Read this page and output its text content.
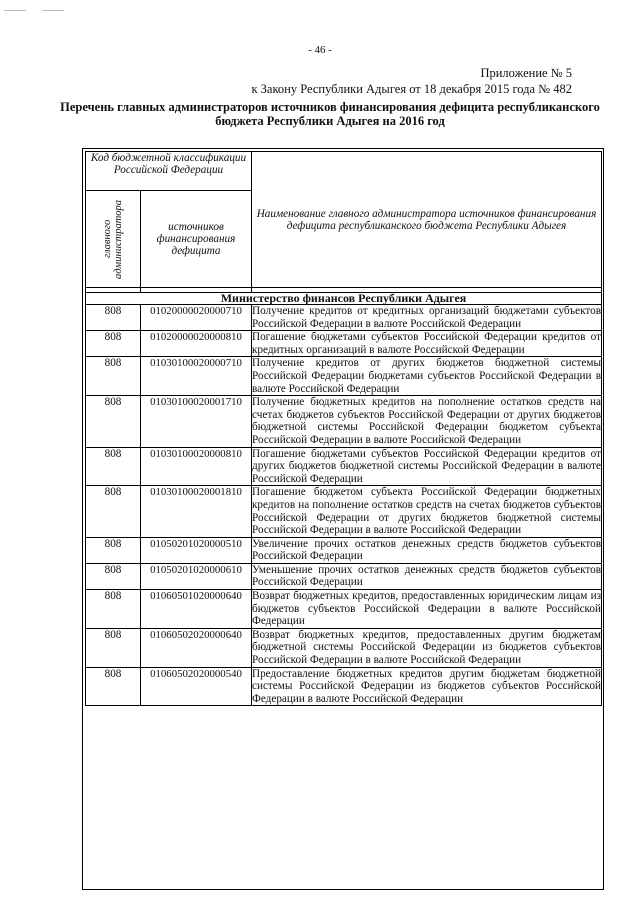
- 46 -
Приложение № 5
к Закону Республики Адыгея от 18 декабря 2015 года № 482
Перечень главных администраторов источников финансирования дефицита республиканского бюджета Республики Адыгея на 2016 год
Код бюджетной классификации Российской Федерации		Наименование главного администратора источников финансирования дефицита республиканского бюджета Республики Адыгея

главного администратора	источников финансирования дефицита	

Министерство финансов Республики Адыгея		
808	01020000020000710	Получение кредитов от кредитных организаций бюджетами субъектов Российской Федерации в валюте Российской Федерации
808	01020000020000810	Погашение бюджетами субъектов Российской Федерации кредитов от кредитных организаций в валюте Российской Федерации
808	01030100020000710	Получение кредитов от других бюджетов бюджетной системы Российской Федерации бюджетами субъектов Российской Федерации в валюте Российской Федерации
808	01030100020001710	Получение бюджетных кредитов на пополнение остатков средств на счетах бюджетов субъектов Российской Федерации от других бюджетов бюджетной системы Российской Федерации бюджетом субъекта Российской Федерации в валюте Российской Федерации
808	01030100020000810	Погашение бюджетами субъектов Российской Федерации кредитов от других бюджетов бюджетной системы Российской Федерации в валюте Российской Федерации
808	01030100020001810	Погашение бюджетом субъекта Российской Федерации бюджетных кредитов на пополнение остатков средств на счетах бюджетов субъектов Российской Федерации от других бюджетов бюджетной системы Российской Федерации в валюте Российской Федерации
808	01050201020000510	Увеличение прочих остатков денежных средств бюджетов субъектов Российской Федерации
808	01050201020000610	Уменьшение прочих остатков денежных средств бюджетов субъектов Российской Федерации
808	01060501020000640	Возврат бюджетных кредитов, предоставленных юридическим лицам из бюджетов субъектов Российской Федерации в валюте Российской Федерации
808	01060502020000640	Возврат бюджетных кредитов, предоставленных другим бюджетам бюджетной системы Российской Федерации из бюджетов субъектов Российской Федерации в валюте Российской Федерации
808	01060502020000540	Предоставление бюджетных кредитов другим бюджетам бюджетной системы Российской Федерации из бюджетов субъектов Российской Федерации в валюте Российской Федерации
